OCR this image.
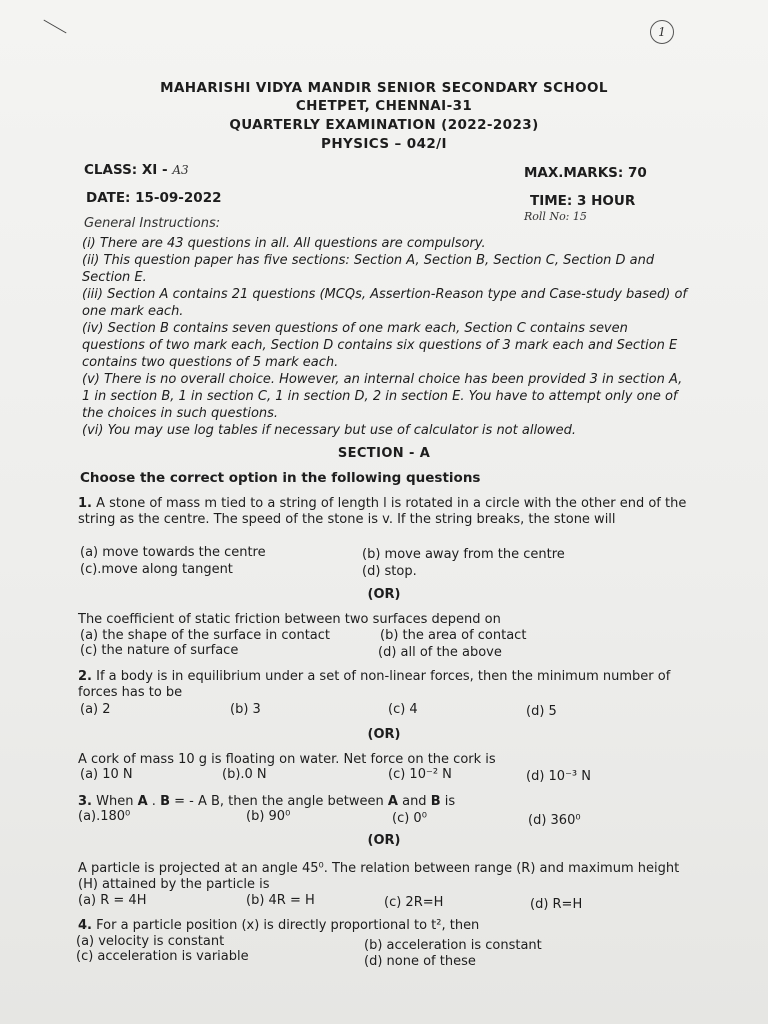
1
MAHARISHI VIDYA MANDIR SENIOR SECONDARY SCHOOL
CHETPET, CHENNAI-31
QUARTERLY EXAMINATION (2022-2023)
PHYSICS – 042/I
CLASS: XI - A3	MAX.MARKS: 70
DATE: 15-09-2022	TIME: 3 HOUR
Roll No: 15
General Instructions:

(i) There are 43 questions in all. All questions are compulsory.

(ii) This question paper has five sections: Section A, Section B, Section C, Section D and Section E.

(iii) Section A contains 21 questions (MCQs, Assertion-Reason type and Case-study based) of one mark each.

(iv) Section B contains seven questions of one mark each, Section C contains seven questions of two mark each, Section D contains six questions of 3 mark each and Section E contains two questions of 5 mark each.

(v) There is no overall choice. However, an internal choice has been provided 3 in section A, 1 in section B, 1 in section C, 1 in section D, 2 in section E. You have to attempt only one of the choices in such questions.

(vi) You may use log tables if necessary but use of calculator is not allowed.

SECTION - A
Choose the correct option in the following questions

1. A stone of mass m tied to a string of length l is rotated in a circle with the other end of the string as the centre. The speed of the stone is v. If the string breaks, the stone will

(a) move towards the centre	(b) move away from the centre
(c).move along tangent	(d) stop.
(OR)

The coefficient of static friction between two surfaces depend on

(a) the shape of the surface in contact	(b) the area of contact
(c) the nature of surface	(d) all of the above

2. If a body is in equilibrium under a set of non-linear forces, then the minimum number of forces has to be

(a) 2	(b) 3	(c) 4	(d) 5
(OR)

A cork of mass 10 g is floating on water. Net force on the cork is

(a) 10 N	(b).0 N	(c) 10⁻² N	(d) 10⁻³ N

3. When A . B = - A B, then the angle between A and B is

(a).180⁰	(b) 90⁰	(c) 0⁰	(d) 360⁰
(OR)

A particle is projected at an angle 45⁰. The relation between range (R) and maximum height (H) attained by the particle is

(a) R = 4H	(b) 4R = H	(c) 2R=H	(d) R=H

4. For a particle position (x) is directly proportional to t², then

(a) velocity is constant	(b) acceleration is constant
(c) acceleration is variable	(d) none of these
